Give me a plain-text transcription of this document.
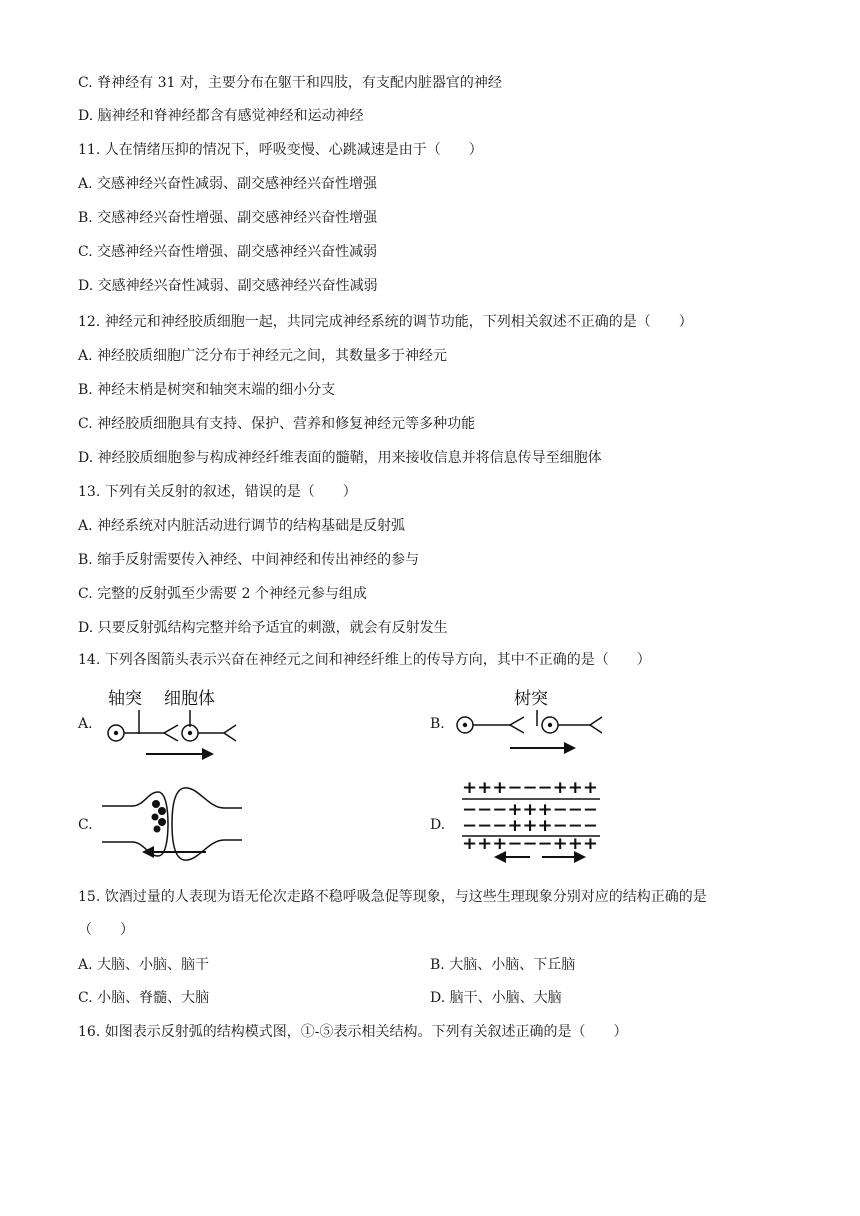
C. 脊神经有 31 对，主要分布在躯干和四肢，有支配内脏器官的神经
D. 脑神经和脊神经都含有感觉神经和运动神经
11. 人在情绪压抑的情况下，呼吸变慢、心跳减速是由于（　　）
A. 交感神经兴奋性减弱、副交感神经兴奋性增强
B. 交感神经兴奋性增强、副交感神经兴奋性增强
C. 交感神经兴奋性增强、副交感神经兴奋性减弱
D. 交感神经兴奋性减弱、副交感神经兴奋性减弱
12. 神经元和神经胶质细胞一起，共同完成神经系统的调节功能，下列相关叙述不正确的是（　　）
A. 神经胶质细胞广泛分布于神经元之间，其数量多于神经元
B. 神经末梢是树突和轴突末端的细小分支
C. 神经胶质细胞具有支持、保护、营养和修复神经元等多种功能
D. 神经胶质细胞参与构成神经纤维表面的髓鞘，用来接收信息并将信息传导至细胞体
13. 下列有关反射的叙述，错误的是（　　）
A. 神经系统对内脏活动进行调节的结构基础是反射弧
B. 缩手反射需要传入神经、中间神经和传出神经的参与
C. 完整的反射弧至少需要 2 个神经元参与组成
D. 只要反射弧结构完整并给予适宜的刺激，就会有反射发生
14. 下列各图箭头表示兴奋在神经元之间和神经纤维上的传导方向，其中不正确的是（　　）
A.
轴突 细胞体
B.
树突
C.	D.
+++−−−+++
−−−+++−−−
−−−+++−−−
+++−−−+++
15. 饮酒过量的人表现为语无伦次走路不稳呼吸急促等现象，与这些生理现象分别对应的结构正确的是
（　　）
A. 大脑、小脑、脑干	B. 大脑、小脑、下丘脑
C. 小脑、脊髓、大脑	D. 脑干、小脑、大脑
16. 如图表示反射弧的结构模式图，①-⑤表示相关结构。下列有关叙述正确的是（　　）
